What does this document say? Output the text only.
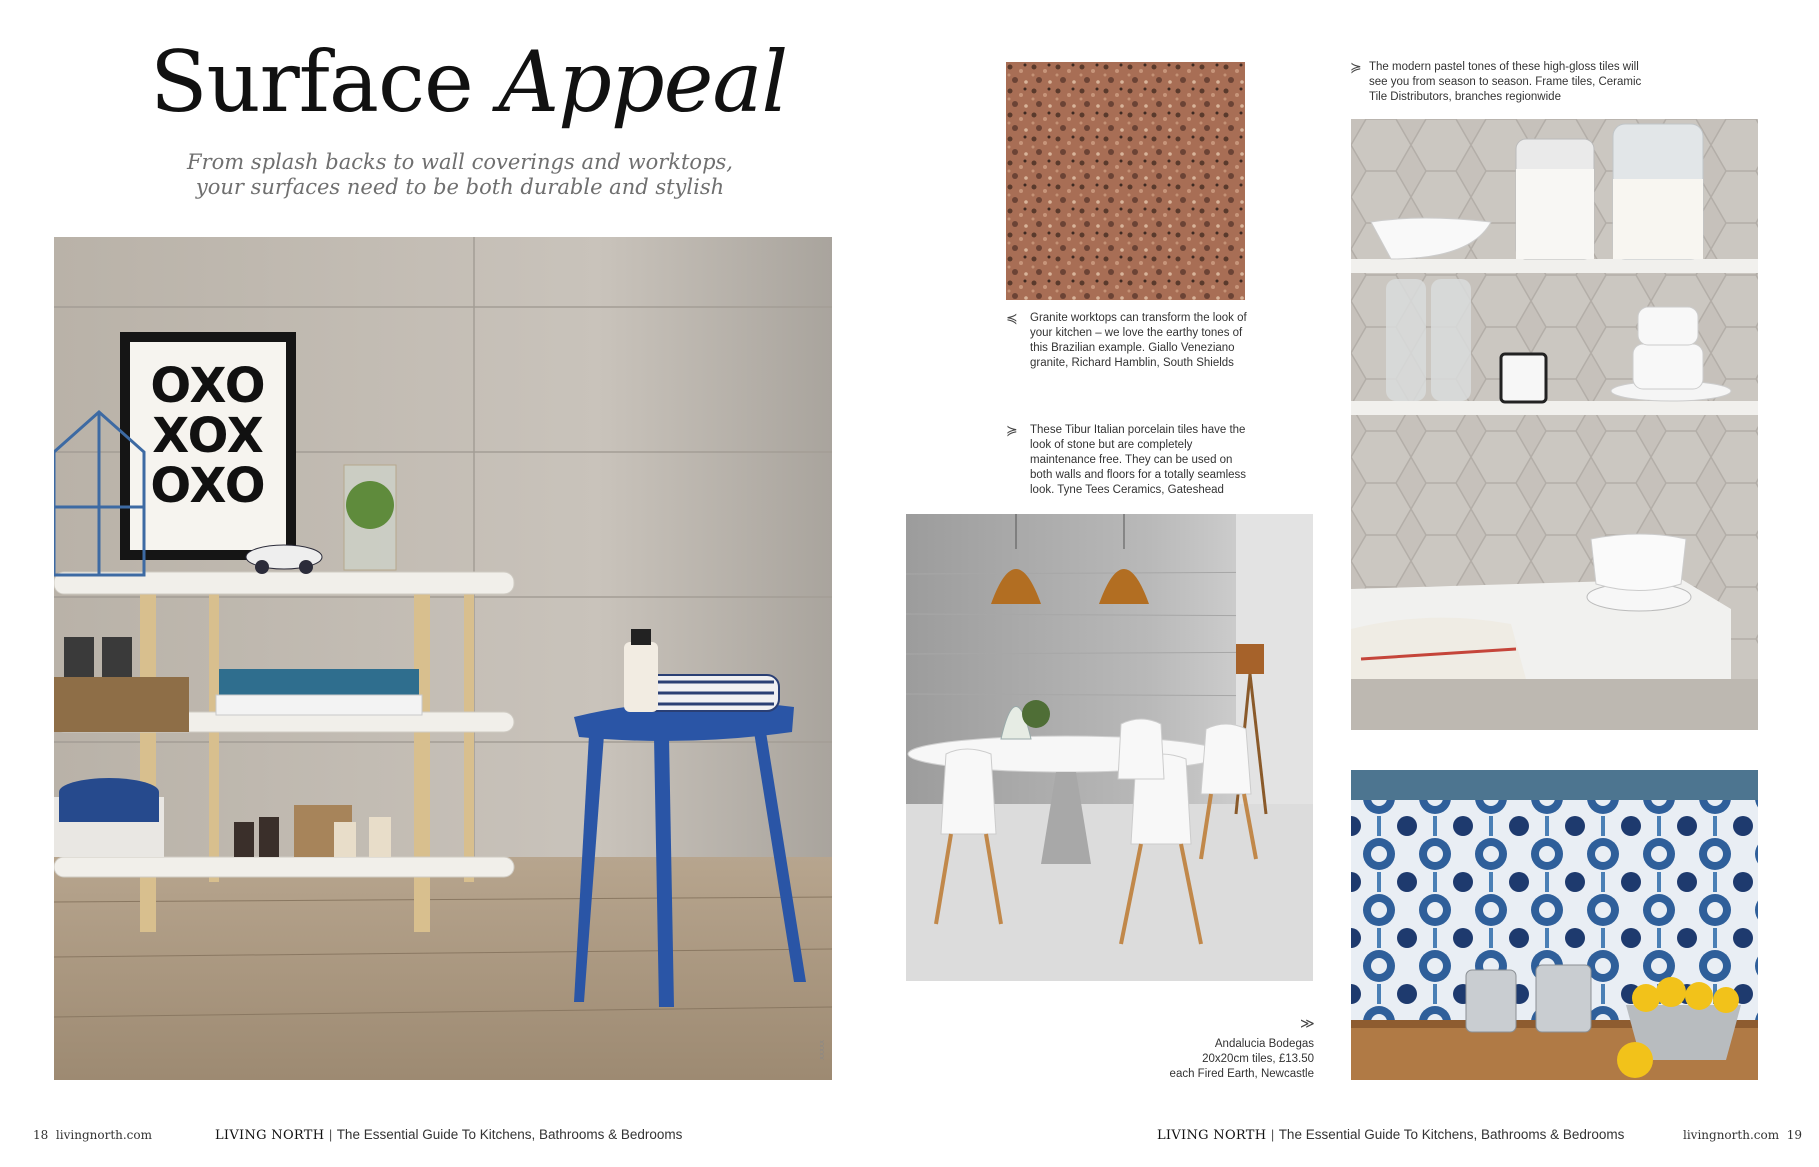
Surface Appeal
From splash backs to wall coverings and worktops, your surfaces need to be both durable and stylish
OXO
XOX
OXO
XXXXX
≼ Granite worktops can transform the look of your kitchen – we love the earthy tones of this Brazilian example. Giallo Veneziano granite, Richard Hamblin, South Shields
≽ These Tibur Italian porcelain tiles have the look of stone but are completely maintenance free. They can be used on both walls and floors for a totally seamless look. Tyne Tees Ceramics, Gateshead
≫
Andalucia Bodegas
20x20cm tiles, £13.50
each Fired Earth, Newcastle
≽ The modern pastel tones of these high-gloss tiles will see you from season to season. Frame tiles, Ceramic Tile Distributors, branches regionwide
18 livingnorth.com	LIVING NORTH | The Essential Guide To Kitchens, Bathrooms & Bedrooms	LIVING NORTH | The Essential Guide To Kitchens, Bathrooms & Bedrooms	livingnorth.com 19
